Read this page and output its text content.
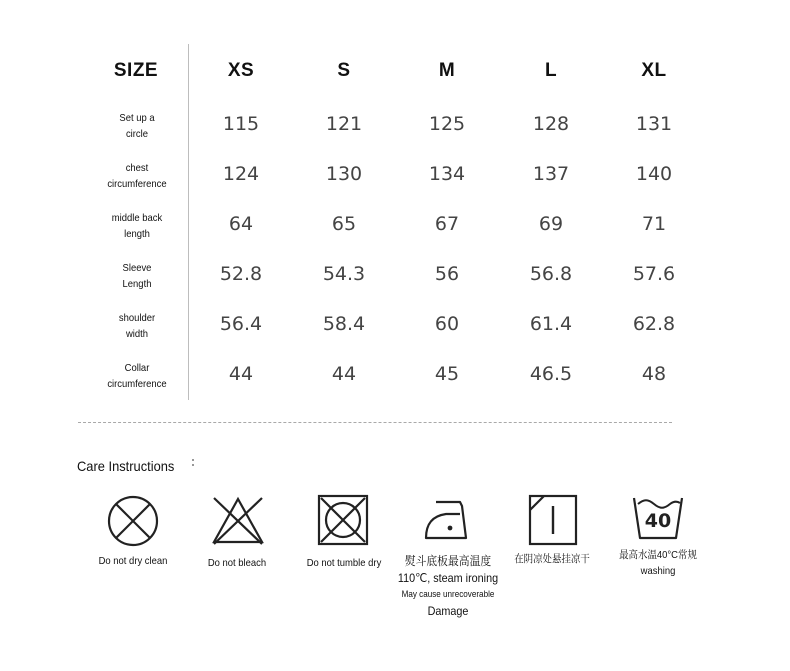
SIZE	XS	S	M	L	XL
Set up a
circle	115	121	125	128	131
chest
circumference	124	130	134	137	140
middle back
length	64	65	67	69	71
Sleeve
Length	52.8	54.3	56	56.8	57.6
shoulder
width	56.4	58.4	60	61.4	62.8
Collar
circumference	44	44	45	46.5	48
Care Instructions
40
Do not dry clean	Do not bleach	Do not tumble dry	熨斗底板最高温度
110℃, steam ironing
May cause unrecoverable
Damage
在阴凉处悬挂凉干	最高水温40°C常规
washing
